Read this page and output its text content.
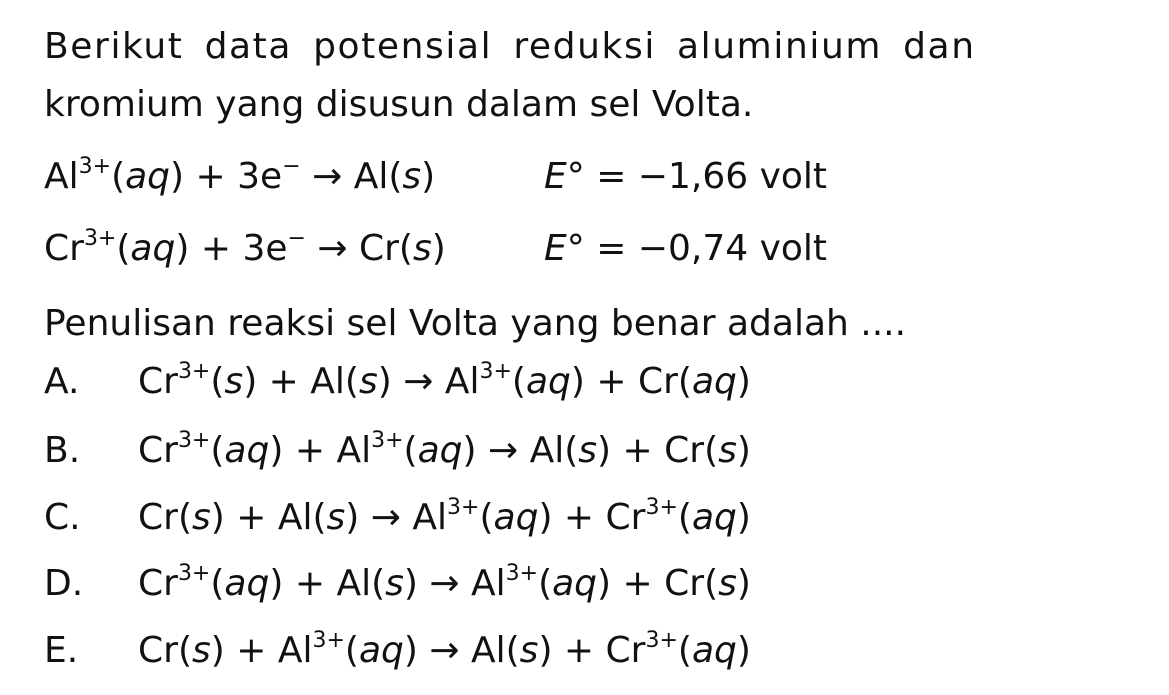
Berikut data potensial reduksi aluminium dan
kromium yang disusun dalam sel Volta.
$Al^{3+}(aq) + 3e^- \to Al(s)$	E° = −1,66 volt
$Cr^{3+}(aq) + 3e^- \to Cr(s)$	E° = −0,74 volt
Penulisan reaksi sel Volta yang benar adalah ....
A. $Cr^{3+}(s) + Al(s) \to Al^{3+}(aq) + Cr(aq)$
B. $Cr^{3+}(aq) + Al^{3+}(aq) \to Al(s) + Cr(s)$
C. $Cr(s) + Al(s) \to Al^{3+}(aq) + Cr^{3+}(aq)$
D. $Cr^{3+}(aq) + Al(s) \to Al^{3+}(aq) + Cr(s)$
E. $Cr(s) + Al^{3+}(aq) \to Al(s) + Cr^{3+}(aq)$
